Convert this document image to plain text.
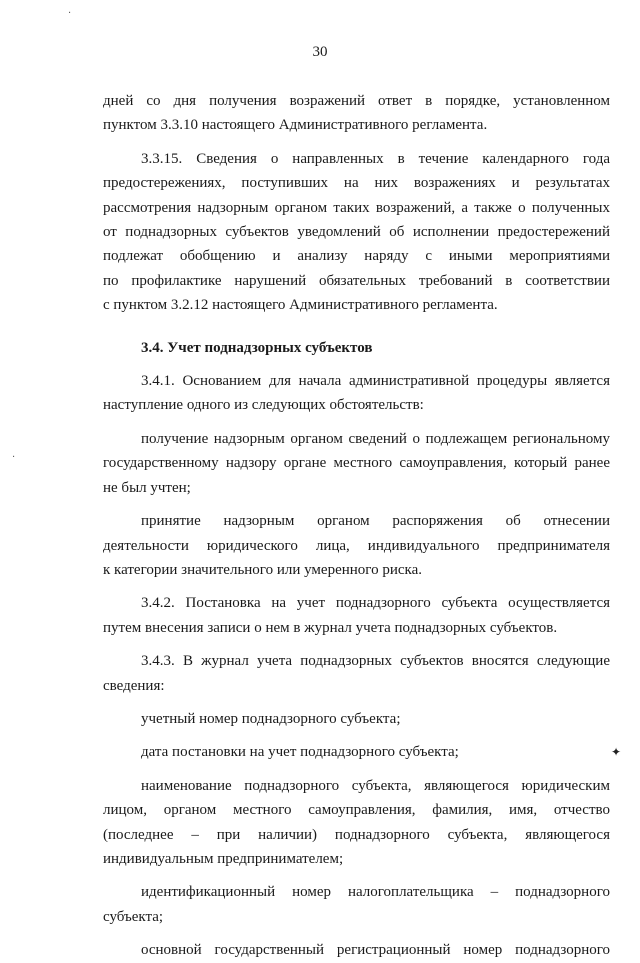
30
дней со дня получения возражений ответ в порядке, установленном
пунктом 3.3.10 настоящего Административного регламента.
3.3.15. Сведения о направленных в течение календарного года
предостережениях, поступивших на них возражениях и результатах
рассмотрения надзорным органом таких возражений, а также о полученных
от поднадзорных субъектов уведомлений об исполнении предостережений
подлежат обобщению и анализу наряду с иными мероприятиями
по профилактике нарушений обязательных требований в соответствии
с пунктом 3.2.12 настоящего Административного регламента.
3.4. Учет поднадзорных субъектов
3.4.1. Основанием для начала административной процедуры является
наступление одного из следующих обстоятельств:
получение надзорным органом сведений о подлежащем региональному
государственному надзору органе местного самоуправления, который ранее
не был учтен;
принятие надзорным органом распоряжения об отнесении
деятельности юридического лица, индивидуального предпринимателя
к категории значительного или умеренного риска.
3.4.2. Постановка на учет поднадзорного субъекта осуществляется
путем внесения записи о нем в журнал учета поднадзорных субъектов.
3.4.3. В журнал учета поднадзорных субъектов вносятся следующие
сведения:
учетный номер поднадзорного субъекта;
дата постановки на учет поднадзорного субъекта;
наименование поднадзорного субъекта, являющегося юридическим
лицом, органом местного самоуправления, фамилия, имя, отчество
(последнее – при наличии) поднадзорного субъекта, являющегося
индивидуальным предпринимателем;
идентификационный номер налогоплательщика – поднадзорного
субъекта;
основной государственный регистрационный номер поднадзорного
·
·
✦
